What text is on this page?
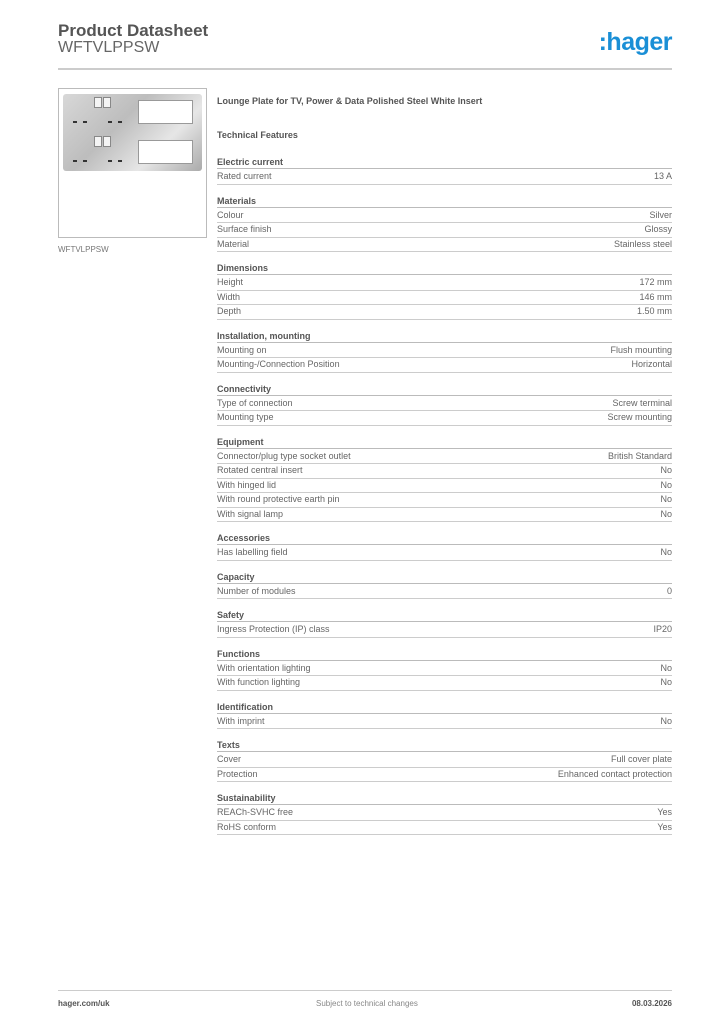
Product Datasheet
WFTVLPPSW	:hager
WFTVLPPSW
Lounge Plate for TV, Power & Data Polished Steel White Insert
Technical Features
Electric current
Rated current	13 A
Materials
Colour	Silver
Surface finish	Glossy
Material	Stainless steel
Dimensions
Height	172 mm
Width	146 mm
Depth	1.50 mm
Installation, mounting
Mounting on	Flush mounting
Mounting-/Connection Position	Horizontal
Connectivity
Type of connection	Screw terminal
Mounting type	Screw mounting
Equipment
Connector/plug type socket outlet	British Standard
Rotated central insert	No
With hinged lid	No
With round protective earth pin	No
With signal lamp	No
Accessories
Has labelling field	No
Capacity
Number of modules	0
Safety
Ingress Protection (IP) class	IP20
Functions
With orientation lighting	No
With function lighting	No
Identification
With imprint	No
Texts
Cover	Full cover plate
Protection	Enhanced contact protection
Sustainability
REACh-SVHC free	Yes
RoHS conform	Yes
hager.com/uk	Subject to technical changes	08.03.2026
